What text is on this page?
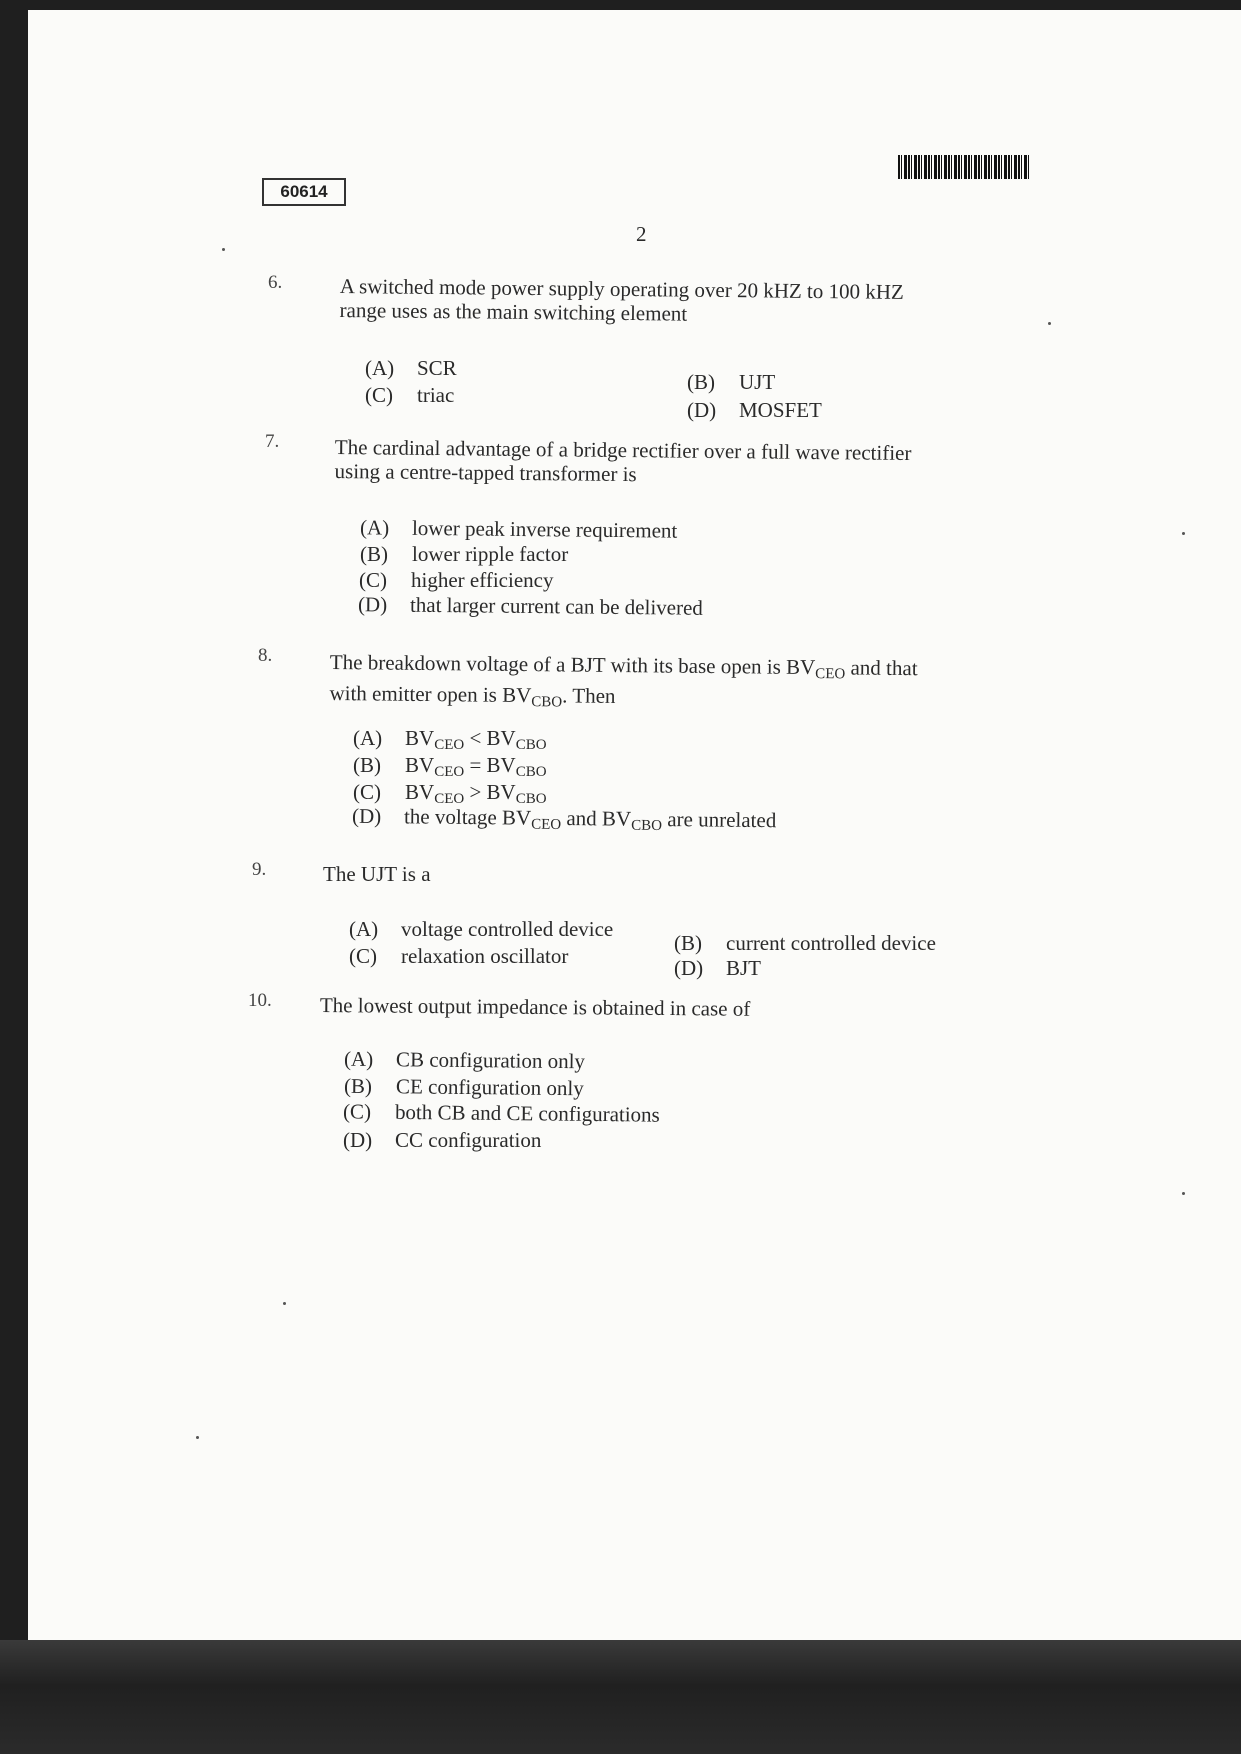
60614
2
6.	A switched mode power supply operating over 20 kHZ to 100 kHZ
range uses as the main switching element
(A) SCR
(B) UJT
(C) triac
(D) MOSFET
7.	The cardinal advantage of a bridge rectifier over a full wave rectifier
using a centre-tapped transformer is
(A) lower peak inverse requirement
(B) lower ripple factor
(C) higher efficiency
(D) that larger current can be delivered
8.	The breakdown voltage of a BJT with its base open is $BV_{CEO}$ and that
with emitter open is $BV_{CBO}$. Then
(A) $BV_{CEO} < BV_{CBO}$
(B) $BV_{CEO} = BV_{CBO}$
(C) $BV_{CEO} > BV_{CBO}$
(D) the voltage $BV_{CEO}$ and $BV_{CBO}$ are unrelated
9.	The UJT is a
(A) voltage controlled device
(B) current controlled device
(C) relaxation oscillator	(D) BJT
10. The lowest output impedance is obtained in case of
(A) CB configuration only
(B) CE configuration only
(C) both CB and CE configurations
(D) CC configuration
